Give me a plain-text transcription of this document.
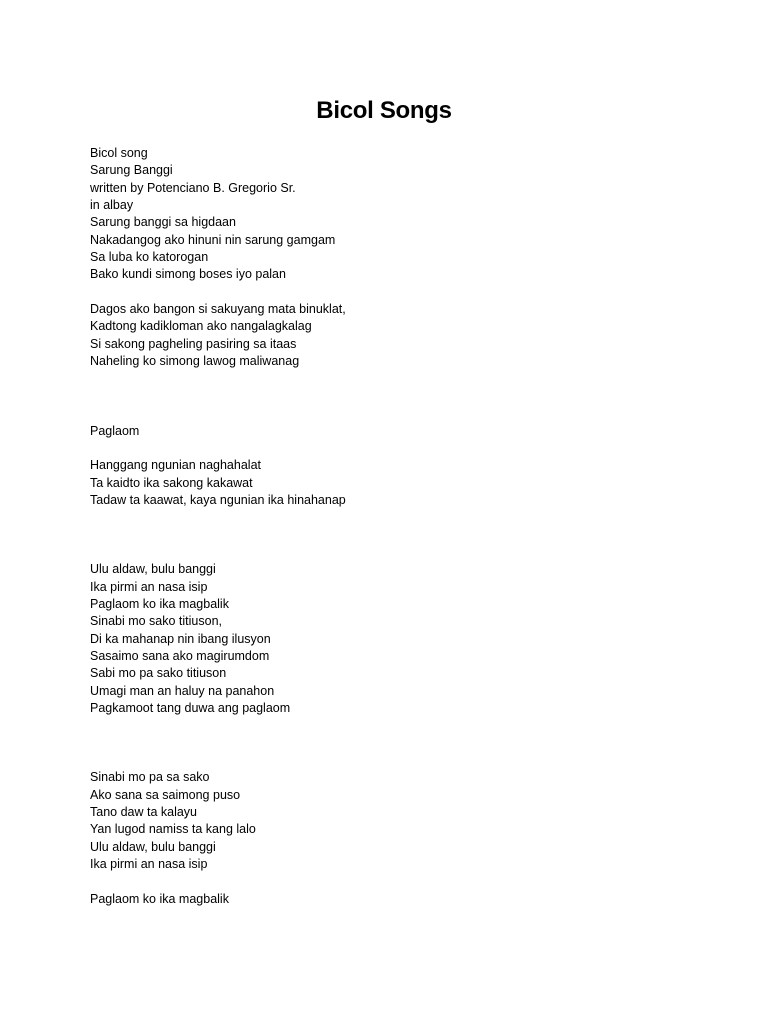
Bicol Songs
Bicol song
Sarung Banggi
written by Potenciano B. Gregorio Sr.
in albay
Sarung banggi sa higdaan
Nakadangog ako hinuni nin sarung gamgam
Sa luba ko katorogan
Bako kundi simong boses iyo palan
Dagos ako bangon si sakuyang mata binuklat,
Kadtong kadikloman ako nangalagkalag
Si sakong pagheling pasiring sa itaas
Naheling ko simong lawog maliwanag
Paglaom
Hanggang ngunian naghahalat
Ta kaidto ika sakong kakawat
Tadaw ta kaawat, kaya ngunian ika hinahanap
Ulu aldaw, bulu banggi
Ika pirmi an nasa isip
Paglaom ko ika magbalik
Sinabi mo sako titiuson,
Di ka mahanap nin ibang ilusyon
Sasaimo sana ako magirumdom
Sabi mo pa sako titiuson
Umagi man an haluy na panahon
Pagkamoot tang duwa ang paglaom
Sinabi mo pa sa sako
Ako sana sa saimong puso
Tano daw ta kalayu
Yan lugod namiss ta kang lalo
Ulu aldaw, bulu banggi
Ika pirmi an nasa isip
Paglaom ko ika magbalik
